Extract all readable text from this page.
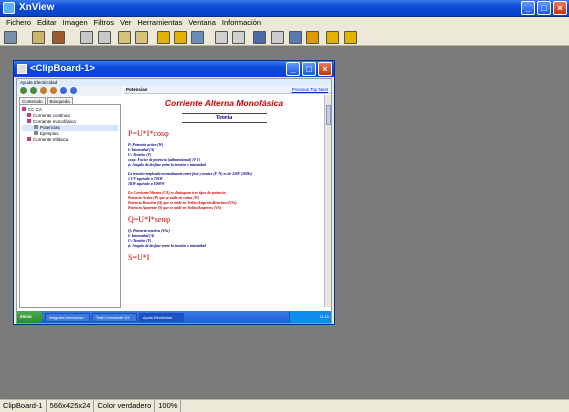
XnView	_	□	×
Fichero Editar Imagen Filtros Ver Herramientas Ventana Información
<ClipBoard-1>	_	□	×
Ayuda Electricidad
Contenido	Búsqueda
CC CA
Corriente continua
Corriente monofásica
Potencias
Ejemplos
Corriente trifásica
Potencias	Previous Top Next
Corriente Alterna Monofásica
Teoría
P=U*I*cosφ
P: Potencia activa (W)
I: Intensidad (A)
U: Tensión (V)
cosφ: Factor de potencia (adimensional) [0-1]
φ: Angulo de desfase entre la tensión e intensidad
La tensión empleada normalmente entre fase y neutro (F-N) es de 230V (50Hz)
1 CV equivale a 736W
1KW equivale a 1000W
En Corriente Alterna (CA) se distinguen tres tipos de potencia:
Potencia Activa (P) que se mide en vatios (W)
Potencia Reactiva (Q) que se mide en VoltiosAmperiosReactivos(VAr)
Potencia Aparente (S) que se mide en VoltiosAmperios (VA)
Q=U*I*senφ
Q: Potencia reactiva (VAr)
I: Intensidad (A)
U: Tensión (V)
φ: Angulo de desfase entre la tensión e intensidad
S=U*I
Inicio	Imágenes Información	Total Commander 6.5	Ayuda Electricidad	11:21
ClipBoard-1 566x425x24 Color verdadero 100%
